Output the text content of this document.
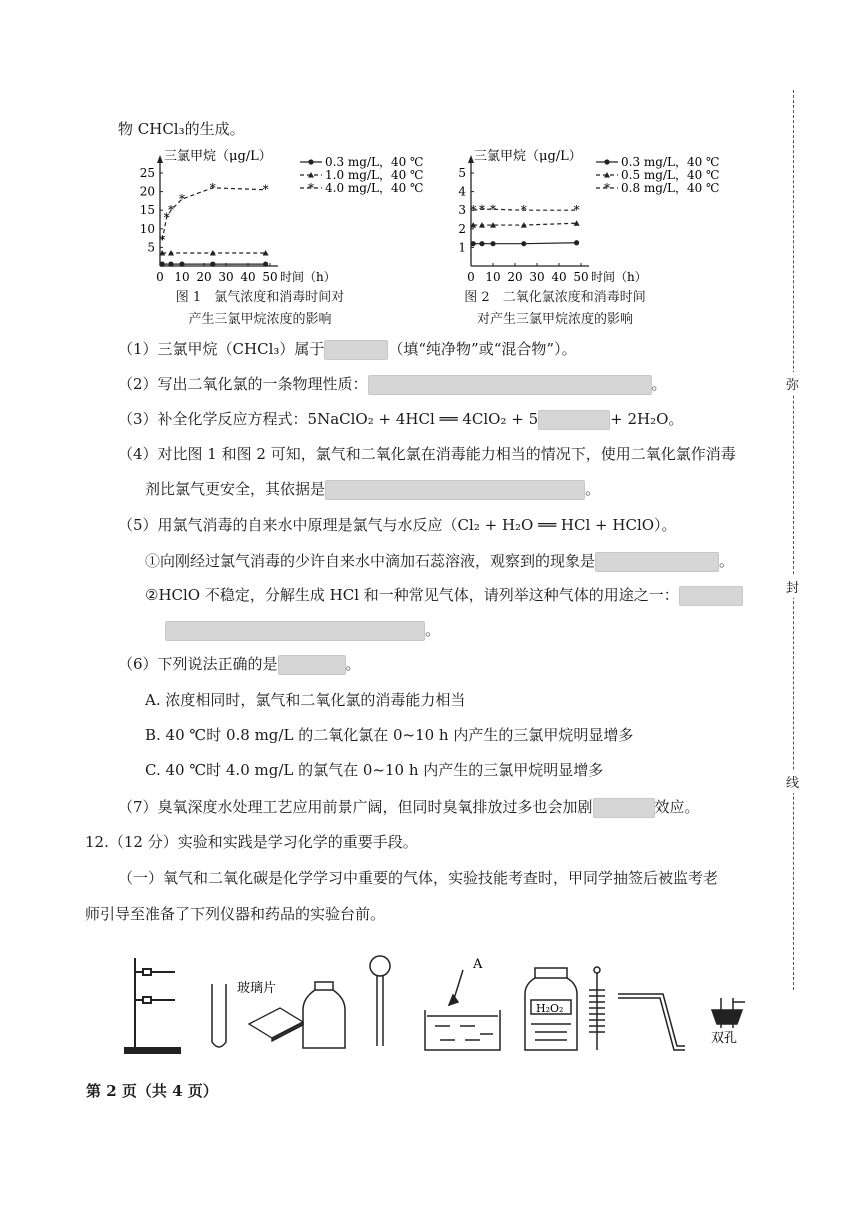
物 CHCl₃的生成。
三氯甲烷（μg/L）
0 10 20 30 40 50 时间（h）
5
10
15
20
25
0.3 mg/L，40 ℃
1.0 mg/L，40 ℃
*
*
*
*
*	*	* 4.0 mg/L，40 ℃
图 1　氯气浓度和消毒时间对
产生三氯甲烷浓度的影响
三氯甲烷（μg/L）
0 10 20 30 40 50 时间（h）
1
2
3
4
5
0.3 mg/L，40 ℃
0.5 mg/L，40 ℃
* * * *	*
* 0.8 mg/L，40 ℃
图 2　二氧化氯浓度和消毒时间
对产生三氯甲烷浓度的影响
（1）三氯甲烷（CHCl₃）属于	（填“纯净物”或“混合物”）。
（2）写出二氧化氯的一条物理性质：	。
（3）补全化学反应方程式：5NaClO₂ + 4HCl ══ 4ClO₂ + 5	+ 2H₂O。
（4）对比图 1 和图 2 可知，氯气和二氧化氯在消毒能力相当的情况下，使用二氧化氯作消毒
剂比氯气更安全，其依据是	。
（5）用氯气消毒的自来水中原理是氯气与水反应（Cl₂ + H₂O ══ HCl + HClO）。
①向刚经过氯气消毒的少许自来水中滴加石蕊溶液，观察到的现象是	。
②HClO 不稳定，分解生成 HCl 和一种常见气体，请列举这种气体的用途之一：
。
（6）下列说法正确的是	。
A. 浓度相同时，氯气和二氧化氯的消毒能力相当
B. 40 ℃时 0.8 mg/L 的二氧化氯在 0~10 h 内产生的三氯甲烷明显增多
C. 40 ℃时 4.0 mg/L 的氯气在 0~10 h 内产生的三氯甲烷明显增多
（7）臭氧深度水处理工艺应用前景广阔，但同时臭氧排放过多也会加剧	效应。
12.（12 分）实验和实践是学习化学的重要手段。
（一）氧气和二氧化碳是化学学习中重要的气体，实验技能考查时，甲同学抽签后被监考老
师引导至准备了下列仪器和药品的实验台前。
玻璃片
A
H₂O₂
双孔
第 2 页（共 4 页）
弥
封
线
